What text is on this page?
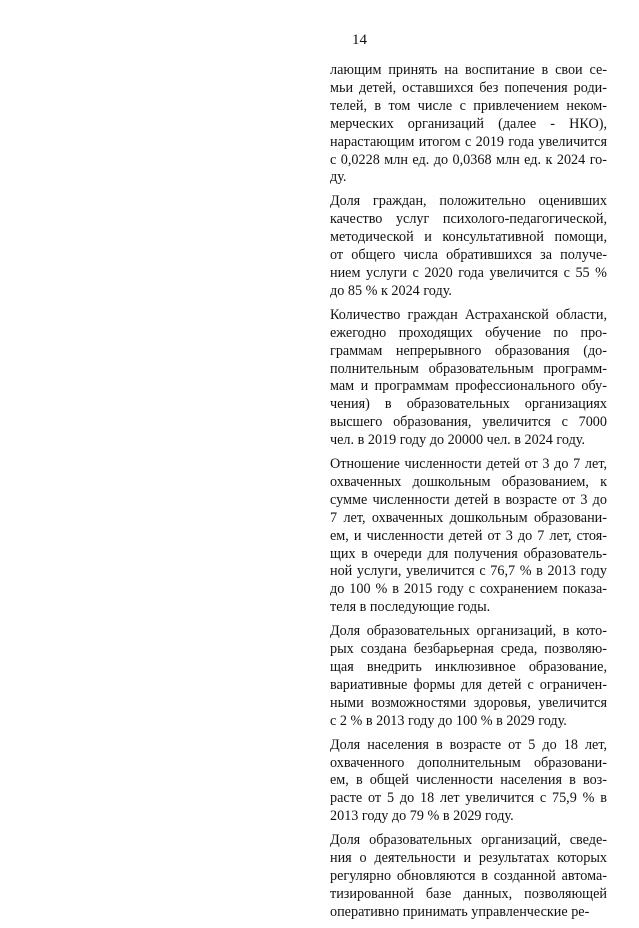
14
лающим принять на воспитание в свои се-
мьи детей, оставшихся без попечения роди-
телей, в том числе с привлечением неком-
мерческих организаций (далее - НКО),
нарастающим итогом с 2019 года увеличится
с 0,0228 млн ед. до 0,0368 млн ед. к 2024 го-
ду.
Доля граждан, положительно оценивших
качество услуг психолого-педагогической,
методической и консультативной помощи,
от общего числа обратившихся за получе-
нием услуги с 2020 года увеличится с 55 %
до 85 % к 2024 году.
Количество граждан Астраханской области,
ежегодно проходящих обучение по про-
граммам непрерывного образования (до-
полнительным образовательным программ-
мам и программам профессионального обу-
чения) в образовательных организациях
высшего образования, увеличится с 7000
чел. в 2019 году до 20000 чел. в 2024 году.
Отношение численности детей от 3 до 7 лет,
охваченных дошкольным образованием, к
сумме численности детей в возрасте от 3 до
7 лет, охваченных дошкольным образовани-
ем, и численности детей от 3 до 7 лет, стоя-
щих в очереди для получения образователь-
ной услуги, увеличится с 76,7 % в 2013 году
до 100 % в 2015 году с сохранением показа-
теля в последующие годы.
Доля образовательных организаций, в кото-
рых создана безбарьерная среда, позволяю-
щая внедрить инклюзивное образование,
вариативные формы для детей с ограничен-
ными возможностями здоровья, увеличится
с 2 % в 2013 году до 100 % в 2029 году.
Доля населения в возрасте от 5 до 18 лет,
охваченного дополнительным образовани-
ем, в общей численности населения в воз-
расте от 5 до 18 лет увеличится с 75,9 % в
2013 году до 79 % в 2029 году.
Доля образовательных организаций, сведе-
ния о деятельности и результатах которых
регулярно обновляются в созданной автома-
тизированной базе данных, позволяющей
оперативно принимать управленческие ре-
